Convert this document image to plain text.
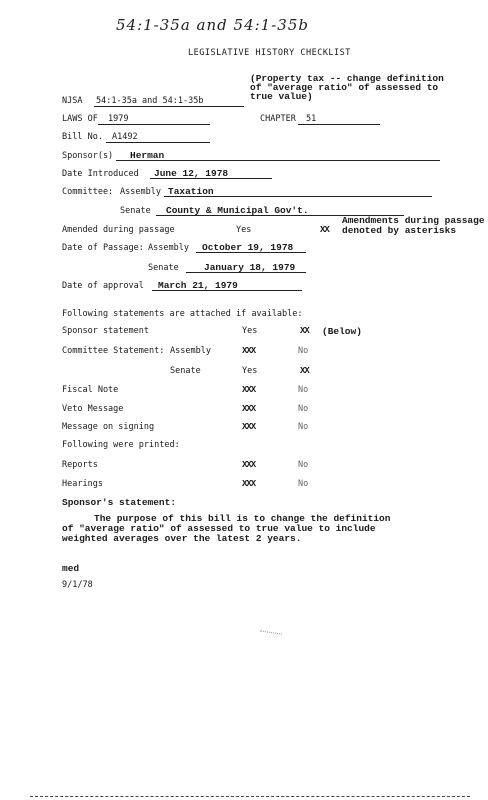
54:1-35a and 54:1-35b
LEGISLATIVE HISTORY CHECKLIST
(Property tax -- change definition
of "average ratio" of assessed to
true value)
NJSA 54:1-35a and 54:1-35b
LAWS OF 1979	CHAPTER 51
Bill No. A1492
Sponsor(s) Herman
Date Introduced June 12, 1978
Committee: Assembly Taxation
Senate County & Municipal Gov't.
Amended during passage	Yes	XX
Amendments during passage
denoted by asterisks
Date of Passage: Assembly October 19, 1978
Senate	January 18, 1979
Date of approval March 21, 1979
Following statements are attached if available:
Sponsor statement	Yes	XX (Below)
Committee Statement: Assembly	XXX	No
Senate	Yes	XX
Fiscal Note	XXX	No
Veto Message	XXX	No
Message on signing	XXX	No
Following were printed:
Reports	XXX	No
Hearings	XXX	No
Sponsor's statement:
The purpose of this bill is to change the definition
of "average ratio" of assessed to true value to include
weighted averages over the latest 2 years.
med
9/1/78
